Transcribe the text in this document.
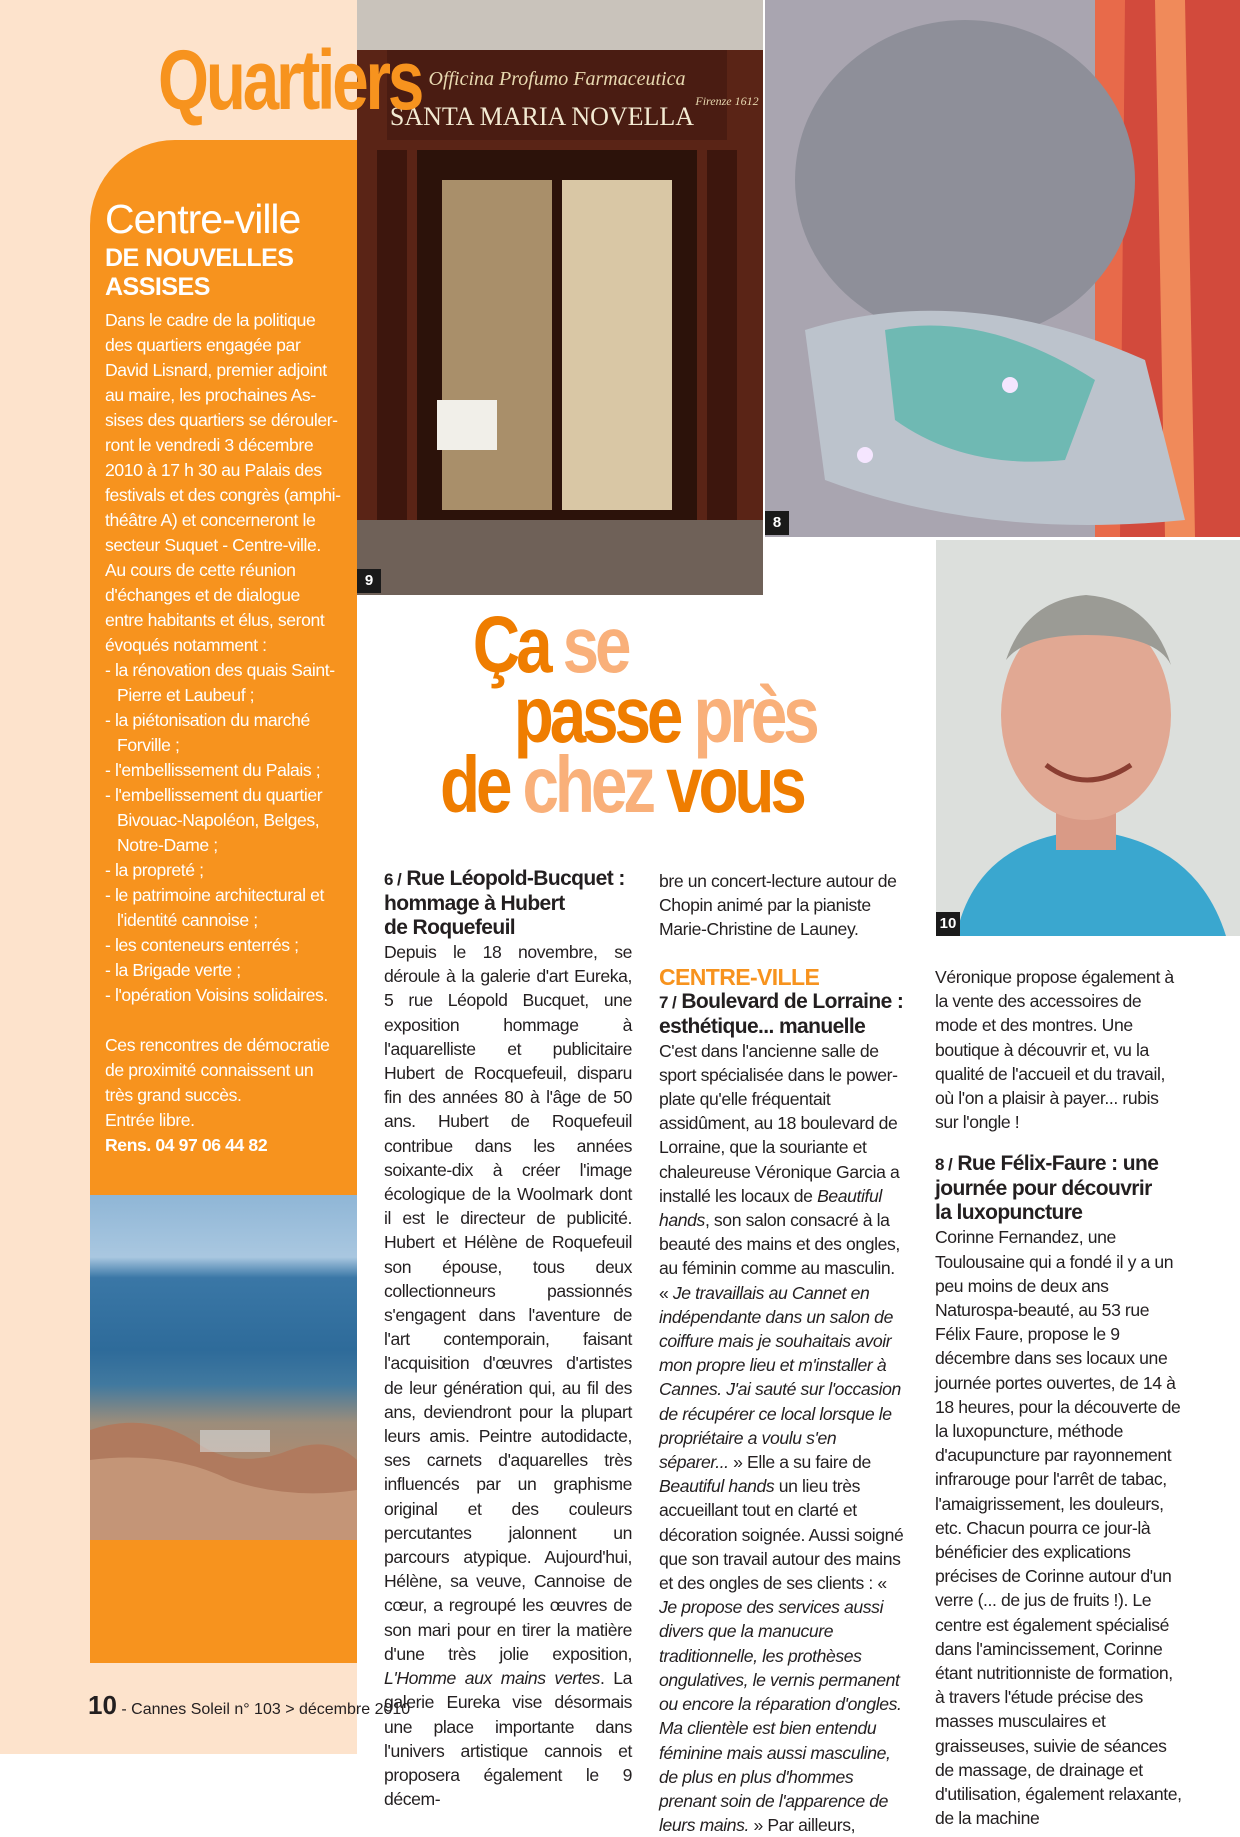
Quartiers
Centre-ville
DE NOUVELLES
ASSISES
Dans le cadre de la politique
des quartiers engagée par
David Lisnard, premier adjoint
au maire, les prochaines As-
sises des quartiers se dérouler-
ront le vendredi 3 décembre
2010 à 17 h 30 au Palais des
festivals et des congrès (amphi-
théâtre A) et concerneront le
secteur Suquet - Centre-ville.
Au cours de cette réunion
d'échanges et de dialogue
entre habitants et élus, seront
évoqués notamment :
- la rénovation des quais Saint-Pierre et Laubeuf ;
- la piétonisation du marché Forville ;
- l'embellissement du Palais ;
- l'embellissement du quartier Bivouac-Napoléon, Belges, Notre-Dame ;
- la propreté ;
- le patrimoine architectural et l'identité cannoise ;
- les conteneurs enterrés ;
- la Brigade verte ;
- l'opération Voisins solidaires.
Ces rencontres de démocratie
de proximité connaissent un
très grand succès.
Entrée libre.
Rens. 04 97 06 44 82
Officina Profumo Farmaceutica
SANTA MARIA NOVELLA
Firenze 1612
9
8
10
Ça se
passe près
de chez vous
6 / Rue Léopold-Bucquet :
hommage à Hubert
de Roquefeuil

Depuis le 18 novembre, se déroule à la galerie d'art Eureka, 5 rue Léopold Bucquet, une exposition hommage à l'aquarelliste et publicitaire Hubert de Rocquefeuil, disparu fin des années 80 à l'âge de 50 ans. Hubert de Roquefeuil contribue dans les années soixante-dix à créer l'image écologique de la Woolmark dont il est le directeur de publicité. Hubert et Hélène de Roquefeuil son épouse, tous deux collectionneurs passionnés s'engagent dans l'aventure de l'art contemporain, faisant l'acquisition d'œuvres d'artistes de leur génération qui, au fil des ans, deviendront pour la plupart leurs amis. Peintre autodidacte, ses carnets d'aquarelles très influencés par un graphisme original et des couleurs percutantes jalonnent un parcours atypique. Aujourd'hui, Hélène, sa veuve, Cannoise de cœur, a regroupé les œuvres de son mari pour en tirer la matière d'une très jolie exposition, L'Homme aux mains vertes. La galerie Eureka vise désormais une place importante dans l'univers artistique cannois et proposera également le 9 décem-

bre un concert-lecture autour de Chopin animé par la pianiste Marie-Christine de Launey.

CENTRE-VILLE
7 / Boulevard de Lorraine :
esthétique... manuelle

C'est dans l'ancienne salle de sport spécialisée dans le power-plate qu'elle fréquentait assidûment, au 18 boulevard de Lorraine, que la souriante et chaleureuse Véronique Garcia a installé les locaux de Beautiful hands, son salon consacré à la beauté des mains et des ongles, au féminin comme au masculin.

« Je travaillais au Cannet en indépendante dans un salon de coiffure mais je souhaitais avoir mon propre lieu et m'installer à Cannes. J'ai sauté sur l'occasion de récupérer ce local lorsque le propriétaire a voulu s'en séparer... » Elle a su faire de Beautiful hands un lieu très accueillant tout en clarté et décoration soignée. Aussi soigné que son travail autour des mains et des ongles de ses clients : « Je propose des services aussi divers que la manucure traditionnelle, les prothèses ongulatives, le vernis permanent ou encore la réparation d'ongles. Ma clientèle est bien entendu féminine mais aussi masculine, de plus en plus d'hommes prenant soin de l'apparence de leurs mains. » Par ailleurs,

Véronique propose également à la vente des accessoires de mode et des montres. Une boutique à découvrir et, vu la qualité de l'accueil et du travail, où l'on a plaisir à payer... rubis sur l'ongle !

8 / Rue Félix-Faure : une
journée pour découvrir
la luxopuncture

Corinne Fernandez, une Toulousaine qui a fondé il y a un peu moins de deux ans Naturospa-beauté, au 53 rue Félix Faure, propose le 9 décembre dans ses locaux une journée portes ouvertes, de 14 à 18 heures, pour la découverte de la luxopuncture, méthode d'acupuncture par rayonnement infrarouge pour l'arrêt de tabac, l'amaigrissement, les douleurs, etc. Chacun pourra ce jour-là bénéficier des explications précises de Corinne autour d'un verre (... de jus de fruits !). Le centre est également spécialisé dans l'amincissement, Corinne étant nutritionniste de formation, à travers l'étude précise des masses musculaires et graisseuses, suivie de séances de massage, de drainage et d'utilisation, également relaxante, de la machine

10 - Cannes Soleil n° 103 > décembre 2010
